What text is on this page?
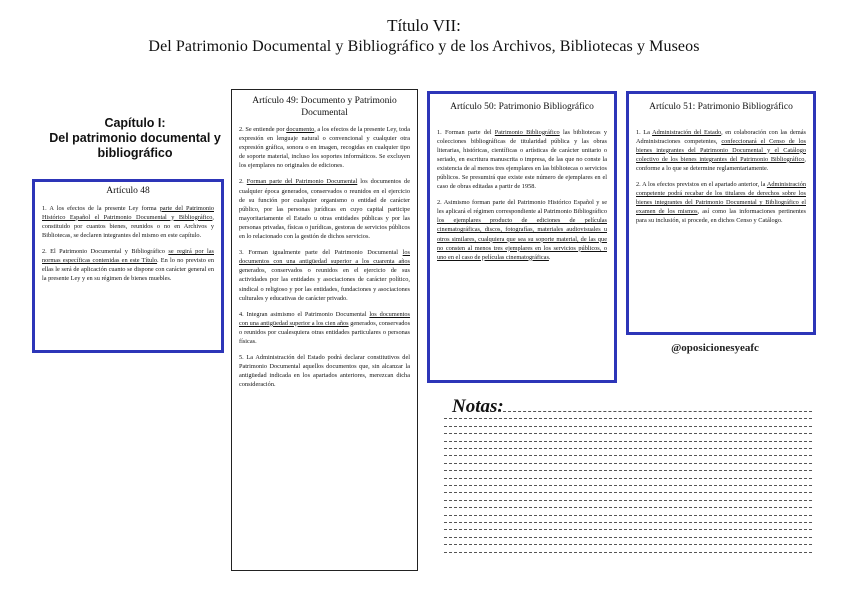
Título VII:
Del Patrimonio Documental y Bibliográfico y de los Archivos, Bibliotecas y Museos
Capítulo I:
Del patrimonio documental y
bibliográfico
Artículo 48

1. A los efectos de la presente Ley forma parte del Patrimonio Histórico Español el Patrimonio Documental y Bibliográfico, constituido por cuantos bienes, reunidos o no en Archivos y Bibliotecas, se declaren integrantes del mismo en este capítulo.

2. El Patrimonio Documental y Bibliográfico se regirá por las normas específicas contenidas en este Título. En lo no previsto en ellas le será de aplicación cuanto se dispone con carácter general en la presente Ley y en su régimen de bienes muebles.

Artículo 49: Documento y Patrimonio Documental

2. Se entiende por documento, a los efectos de la presente Ley, toda expresión en lenguaje natural o convencional y cualquier otra expresión gráfica, sonora o en imagen, recogidas en cualquier tipo de soporte material, incluso los soportes informáticos. Se excluyen los ejemplares no originales de ediciones.

2. Forman parte del Patrimonio Documental los documentos de cualquier época generados, conservados o reunidos en el ejercicio de su función por cualquier organismo o entidad de carácter público, por las personas jurídicas en cuyo capital participe mayoritariamente el Estado u otras entidades públicas y por las personas privadas, físicas o jurídicas, gestoras de servicios públicos en lo relacionado con la gestión de dichos servicios.

3. Forman igualmente parte del Patrimonio Documental los documentos con una antigüedad superior a los cuarenta años generados, conservados o reunidos en el ejercicio de sus actividades por las entidades y asociaciones de carácter político, sindical o religioso y por las entidades, fundaciones y asociaciones culturales y educativas de carácter privado.

4. Integran asimismo el Patrimonio Documental los documentos con una antigüedad superior a los cien años generados, conservados o reunidos por cualesquiera otras entidades particulares o personas físicas.

5. La Administración del Estado podrá declarar constitutivos del Patrimonio Documental aquellos documentos que, sin alcanzar la antigüedad indicada en los apartados anteriores, merezcan dicha consideración.

Artículo 50: Patrimonio Bibliográfico

1. Forman parte del Patrimonio Bibliográfico las bibliotecas y colecciones bibliográficas de titularidad pública y las obras literarias, históricas, científicas o artísticas de carácter unitario o seriado, en escritura manuscrita o impresa, de las que no conste la existencia de al menos tres ejemplares en las bibliotecas o servicios públicos. Se presumirá que existe este número de ejemplares en el caso de obras editadas a partir de 1958.

2. Asimismo forman parte del Patrimonio Histórico Español y se les aplicará el régimen correspondiente al Patrimonio Bibliográfico los ejemplares producto de ediciones de películas cinematográficas, discos, fotografías, materiales audiovisuales u otros similares, cualquiera que sea su soporte material, de las que no consten al menos tres ejemplares en los servicios públicos, o uno en el caso de películas cinematográficas.

Artículo 51: Patrimonio Bibliográfico

1. La Administración del Estado, en colaboración con las demás Administraciones competentes, confeccionará el Censo de los bienes integrantes del Patrimonio Documental y el Catálogo colectivo de los bienes integrantes del Patrimonio Bibliográfico, conforme a lo que se determine reglamentariamente.

2. A los efectos previstos en el apartado anterior, la Administración competente podrá recabar de los titulares de derechos sobre los bienes integrantes del Patrimonio Documental y Bibliográfico el examen de los mismos, así como las informaciones pertinentes para su inclusión, si procede, en dichos Censo y Catálogo.

@oposicionesyeafc
Notas:
